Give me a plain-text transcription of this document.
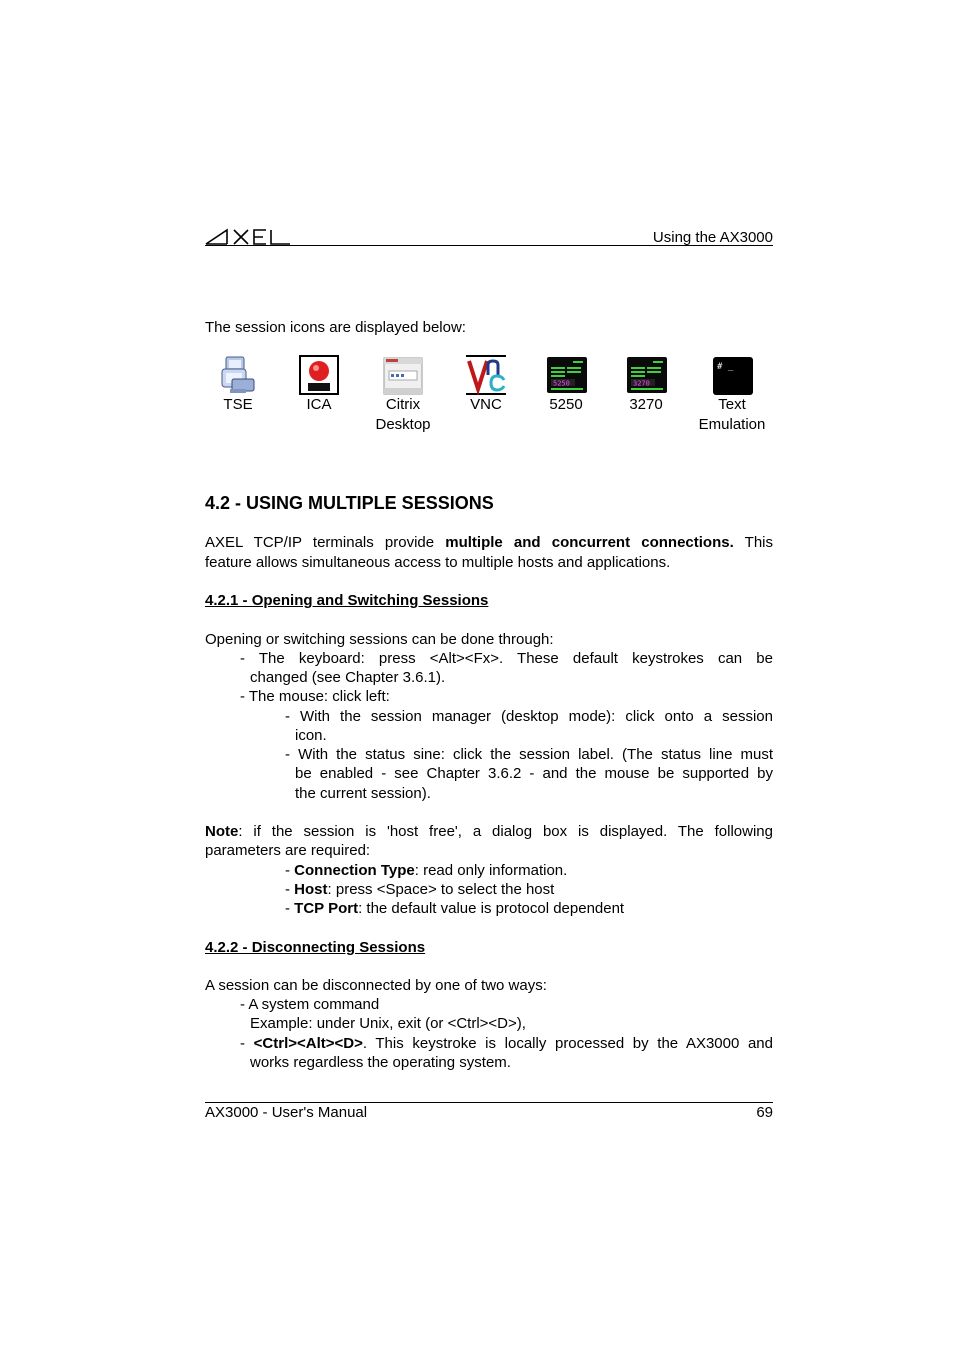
Using the AX3000
The session icons are displayed below:
5250	3270
# _
TSE	ICA	Citrix
Desktop
VNC	5250	3270	Text
Emulation
4.2 - USING MULTIPLE SESSIONS
AXEL TCP/IP terminals provide multiple and concurrent connections. This
feature allows simultaneous access to multiple hosts and applications.
4.2.1 - Opening and Switching Sessions
Opening or switching sessions can be done through:
- The keyboard: press <Alt><Fx>. These default keystrokes can be
changed (see Chapter 3.6.1).
- The mouse: click left:
- With the session manager (desktop mode): click onto a session
icon.
- With the status sine: click the session label. (The status line must
be enabled - see Chapter 3.6.2 - and the mouse be supported by
the current session).
Note: if the session is 'host free', a dialog box is displayed. The following
parameters are required:
- Connection Type: read only information.
- Host: press <Space> to select the host
- TCP Port: the default value is protocol dependent
4.2.2 - Disconnecting Sessions
A session can be disconnected by one of two ways:
- A system command
Example: under Unix, exit (or <Ctrl><D>),
- <Ctrl><Alt><D>. This keystroke is locally processed by the AX3000 and
works regardless the operating system.
AX3000 - User's Manual	69
